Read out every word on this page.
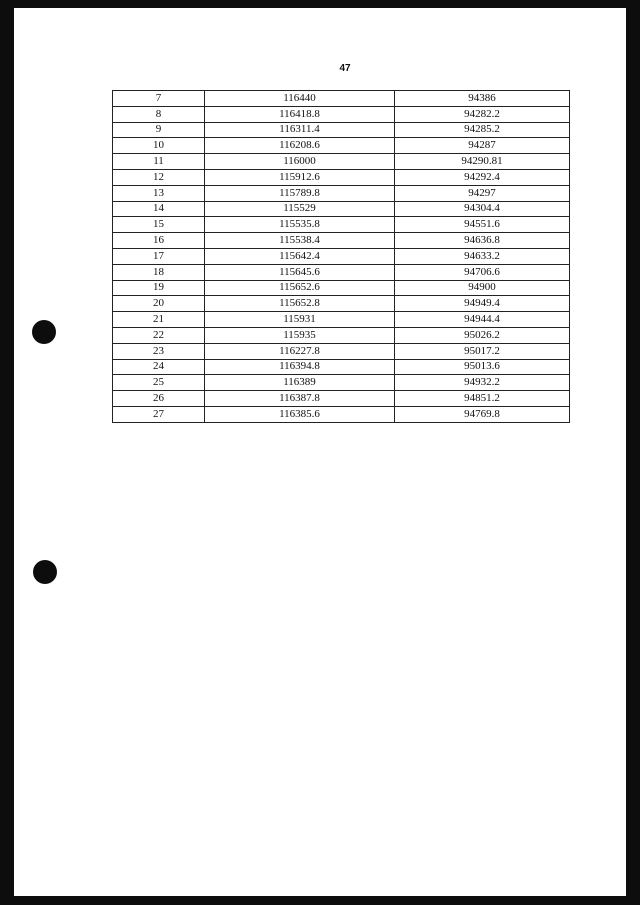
47
7	116440	94386
8	116418.8	94282.2
9	116311.4	94285.2
10	116208.6	94287
11	116000	94290.81
12	115912.6	94292.4
13	115789.8	94297
14	115529	94304.4
15	115535.8	94551.6
16	115538.4	94636.8
17	115642.4	94633.2
18	115645.6	94706.6
19	115652.6	94900
20	115652.8	94949.4
21	115931	94944.4
22	115935	95026.2
23	116227.8	95017.2
24	116394.8	95013.6
25	116389	94932.2
26	116387.8	94851.2
27	116385.6	94769.8
